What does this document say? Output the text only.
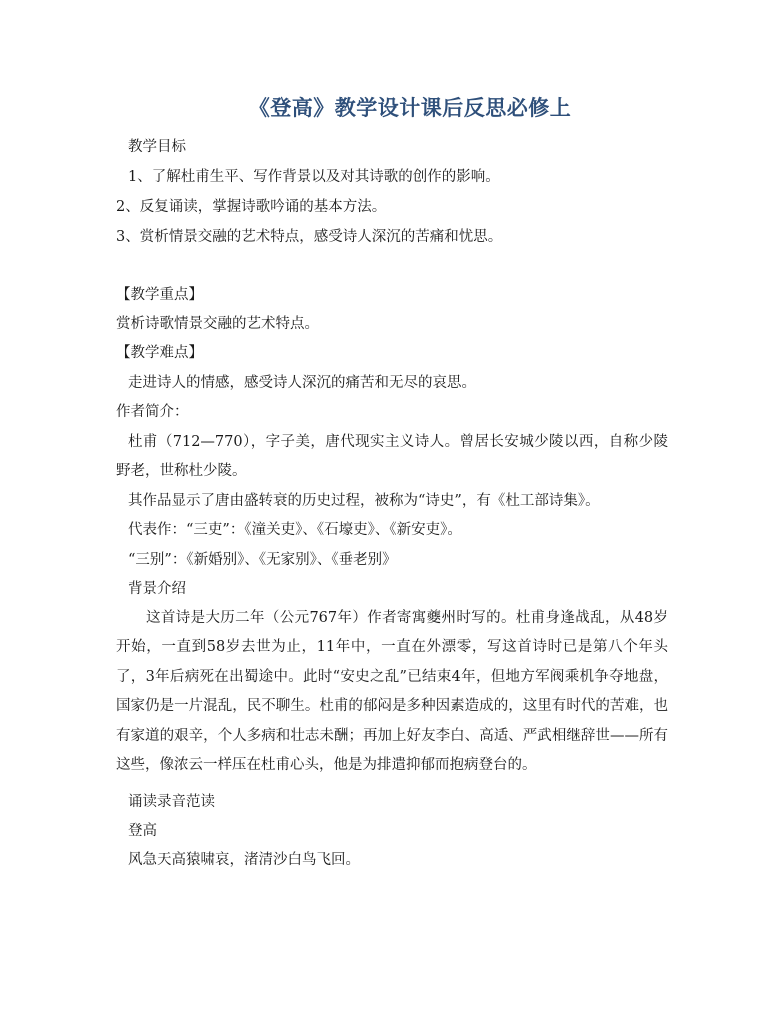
《登高》教学设计课后反思必修上
教学目标
1、了解杜甫生平、写作背景以及对其诗歌的创作的影响。
2、反复诵读，掌握诗歌吟诵的基本方法。
3、赏析情景交融的艺术特点，感受诗人深沉的苦痛和忧思。
【教学重点】
赏析诗歌情景交融的艺术特点。
【教学难点】
走进诗人的情感，感受诗人深沉的痛苦和无尽的哀思。
作者简介：
杜甫（712—770），字子美，唐代现实主义诗人。曾居长安城少陵以西，自称少陵野老，世称杜少陵。
其作品显示了唐由盛转衰的历史过程，被称为“诗史”，有《杜工部诗集》。
代表作：“三吏”：《潼关吏》、《石壕吏》、《新安吏》。
“三别”：《新婚别》、《无家别》、《垂老别》
背景介绍
这首诗是大历二年（公元767年）作者寄寓夔州时写的。杜甫身逢战乱，从48岁开始，一直到58岁去世为止，11年中，一直在外漂零，写这首诗时已是第八个年头了，3年后病死在出蜀途中。此时“安史之乱”已结束4年，但地方军阀乘机争夺地盘，国家仍是一片混乱，民不聊生。杜甫的郁闷是多种因素造成的，这里有时代的苦难，也有家道的艰辛，个人多病和壮志未酬；再加上好友李白、高适、严武相继辞世——所有这些，像浓云一样压在杜甫心头，他是为排遣抑郁而抱病登台的。
诵读录音范读
登高
风急天高猿啸哀，渚清沙白鸟飞回。
